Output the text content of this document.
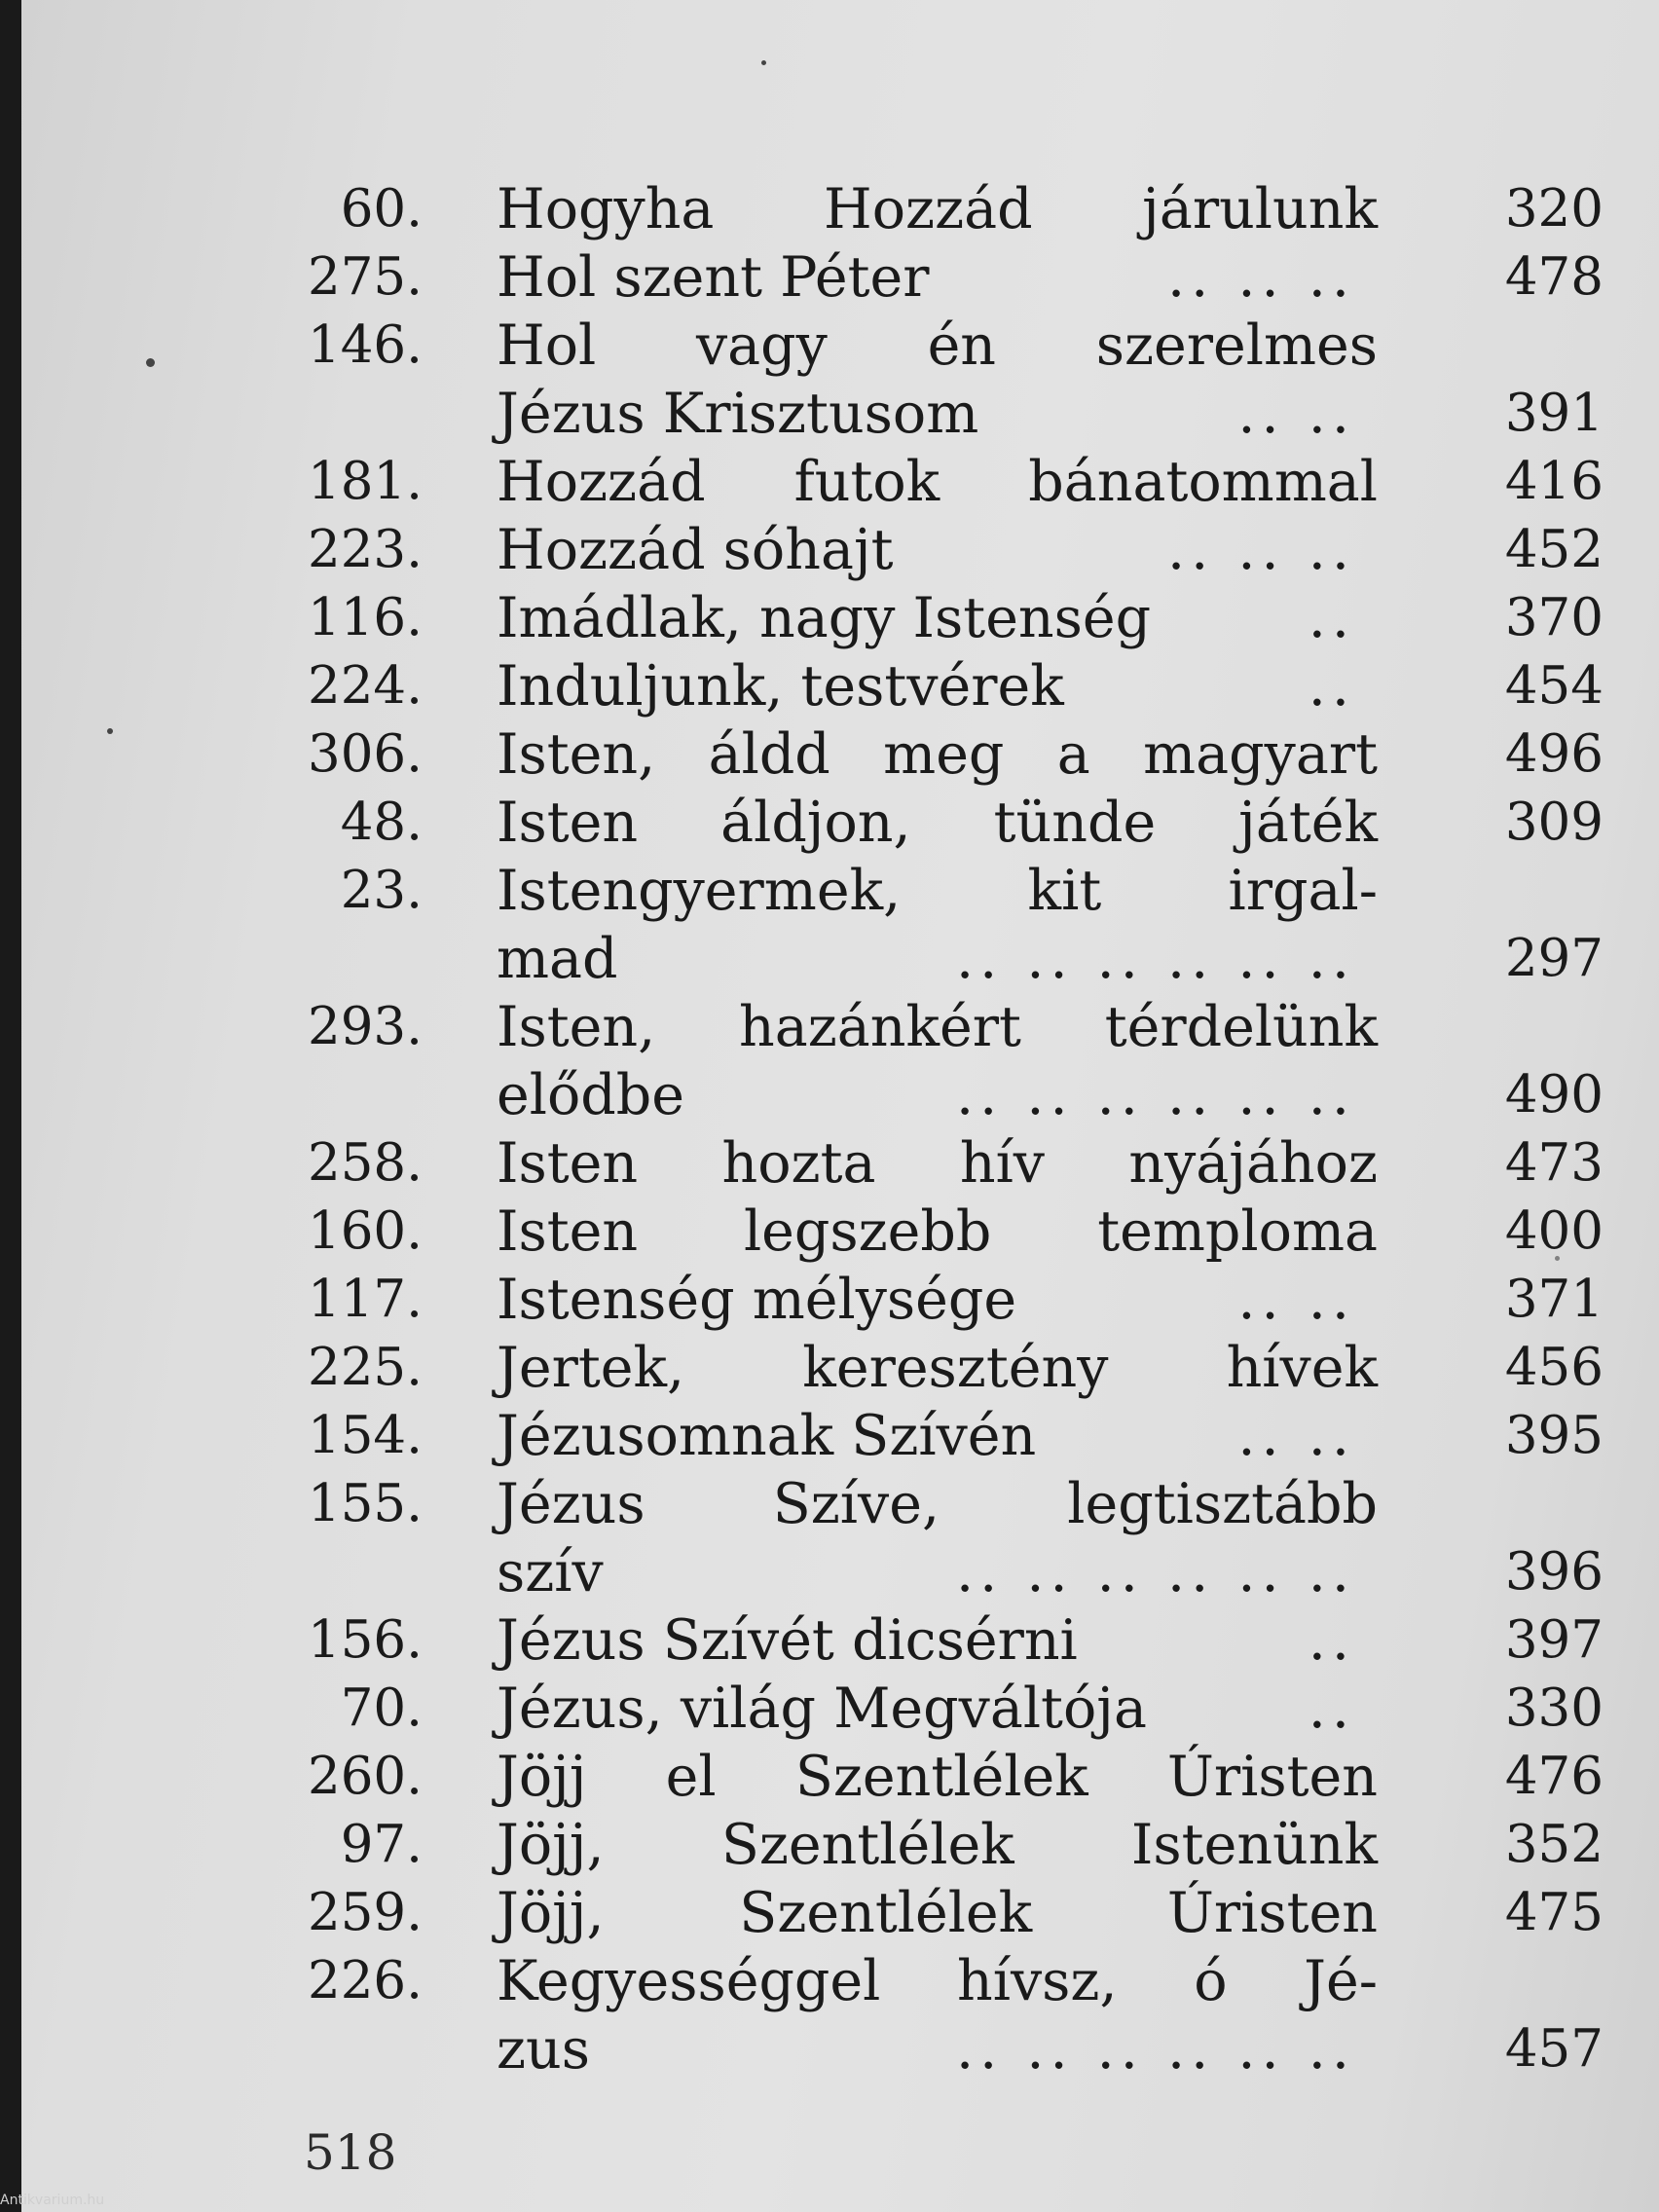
60. Hogyha Hozzád járulunk	320
275. Hol szent Péter	.. .. ..	478
146. Hol vagy én szerelmes
Jézus Krisztusom	.. ..	391
181. Hozzád futok bánatommal	416
223. Hozzád sóhajt	.. .. ..	452
116. Imádlak, nagy Istenség	..	370
224. Induljunk, testvérek	..	454
306. Isten, áldd meg a magyart	496
48. Isten áldjon, tünde játék	309
23. Istengyermek, kit irgal-
mad	.. .. .. .. .. ..	297
293. Isten, hazánkért térdelünk
elődbe	.. .. .. .. .. ..	490
258. Isten hozta hív nyájához	473
160. Isten legszebb temploma	400
117. Istenség mélysége	.. ..	371
225. Jertek, keresztény hívek	456
154. Jézusomnak Szívén	.. ..	395
155. Jézus Szíve, legtisztább
szív	.. .. .. .. .. ..	396
156. Jézus Szívét dicsérni	..	397
70. Jézus, világ Megváltója	..	330
260. Jöjj el Szentlélek Úristen	476
97. Jöjj, Szentlélek Istenünk	352
259. Jöjj, Szentlélek Úristen	475
226. Kegyességgel hívsz, ó Jé-
zus	.. .. .. .. .. ..	457
518
Antikvarium.hu
